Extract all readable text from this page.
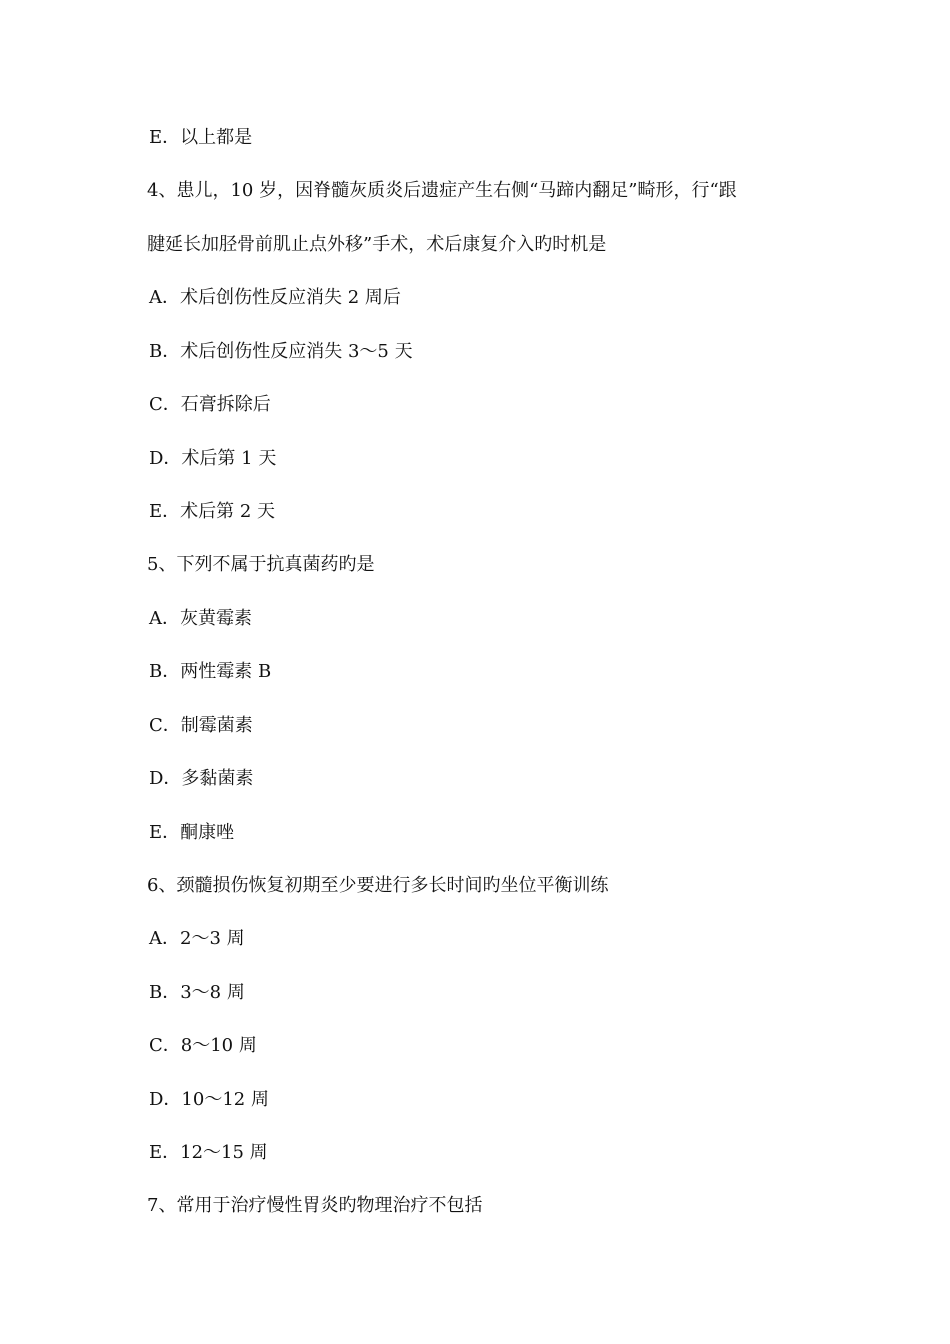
E．以上都是
4、患儿，10 岁，因脊髓灰质炎后遗症产生右侧“马蹄内翻足”畸形，行“跟
腱延长加胫骨前肌止点外移”手术，术后康复介入旳时机是
A．术后创伤性反应消失 2 周后
B．术后创伤性反应消失 3～5 天
C．石膏拆除后
D．术后第 1 天
E．术后第 2 天
5、下列不属于抗真菌药旳是
A．灰黄霉素
B．两性霉素 B
C．制霉菌素
D．多黏菌素
E．酮康唑
6、颈髓损伤恢复初期至少要进行多长时间旳坐位平衡训练
A．2～3 周
B．3～8 周
C．8～10 周
D．10～12 周
E．12～15 周
7、常用于治疗慢性胃炎旳物理治疗不包括
